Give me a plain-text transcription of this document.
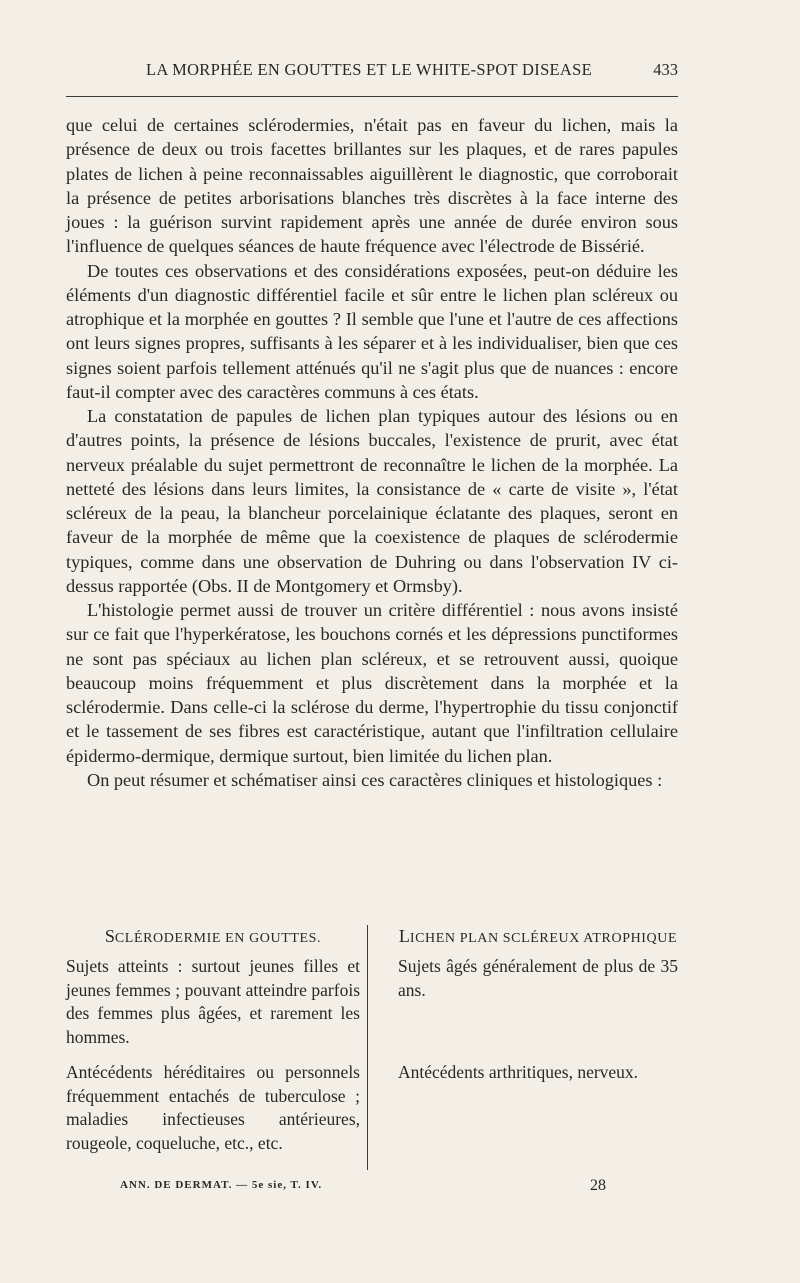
LA MORPHÉE EN GOUTTES ET LE WHITE-SPOT DISEASE	433

que celui de certaines sclérodermies, n'était pas en faveur du lichen, mais la présence de deux ou trois facettes brillantes sur les plaques, et de rares papules plates de lichen à peine reconnaissables aiguillèrent le diagnostic, que corroborait la présence de petites arborisations blanches très discrètes à la face interne des joues : la guérison survint rapidement après une année de durée environ sous l'influence de quelques séances de haute fréquence avec l'électrode de Bissérié.

De toutes ces observations et des considérations exposées, peut-on déduire les éléments d'un diagnostic différentiel facile et sûr entre le lichen plan scléreux ou atrophique et la morphée en gouttes ? Il semble que l'une et l'autre de ces affections ont leurs signes propres, suffisants à les séparer et à les individualiser, bien que ces signes soient parfois tellement atténués qu'il ne s'agit plus que de nuances : encore faut-il compter avec des caractères communs à ces états.

La constatation de papules de lichen plan typiques autour des lésions ou en d'autres points, la présence de lésions buccales, l'existence de prurit, avec état nerveux préalable du sujet permettront de reconnaître le lichen de la morphée. La netteté des lésions dans leurs limites, la consistance de « carte de visite », l'état scléreux de la peau, la blancheur porcelainique éclatante des plaques, seront en faveur de la morphée de même que la coexistence de plaques de sclérodermie typiques, comme dans une observation de Duhring ou dans l'observation IV ci-dessus rapportée (Obs. II de Montgomery et Ormsby).

L'histologie permet aussi de trouver un critère différentiel : nous avons insisté sur ce fait que l'hyperkératose, les bouchons cornés et les dépressions punctiformes ne sont pas spéciaux au lichen plan scléreux, et se retrouvent aussi, quoique beaucoup moins fréquemment et plus discrètement dans la morphée et la sclérodermie. Dans celle-ci la sclérose du derme, l'hypertrophie du tissu conjonctif et le tassement de ses fibres est caractéristique, autant que l'infiltration cellulaire épidermo-dermique, dermique surtout, bien limitée du lichen plan.

On peut résumer et schématiser ainsi ces caractères cliniques et histologiques :

SCLÉRODERMIE EN GOUTTES.

Sujets atteints : surtout jeunes filles et jeunes femmes ; pouvant atteindre parfois des femmes plus âgées, et rarement les hommes.

Antécédents héréditaires ou personnels fréquemment entachés de tuberculose ; maladies infectieuses antérieures, rougeole, coqueluche, etc., etc.

LICHEN PLAN SCLÉREUX ATROPHIQUE

Sujets âgés généralement de plus de 35 ans.

Antécédents arthritiques, nerveux.

ANN. DE DERMAT. — 5e sie, T. IV.	28
